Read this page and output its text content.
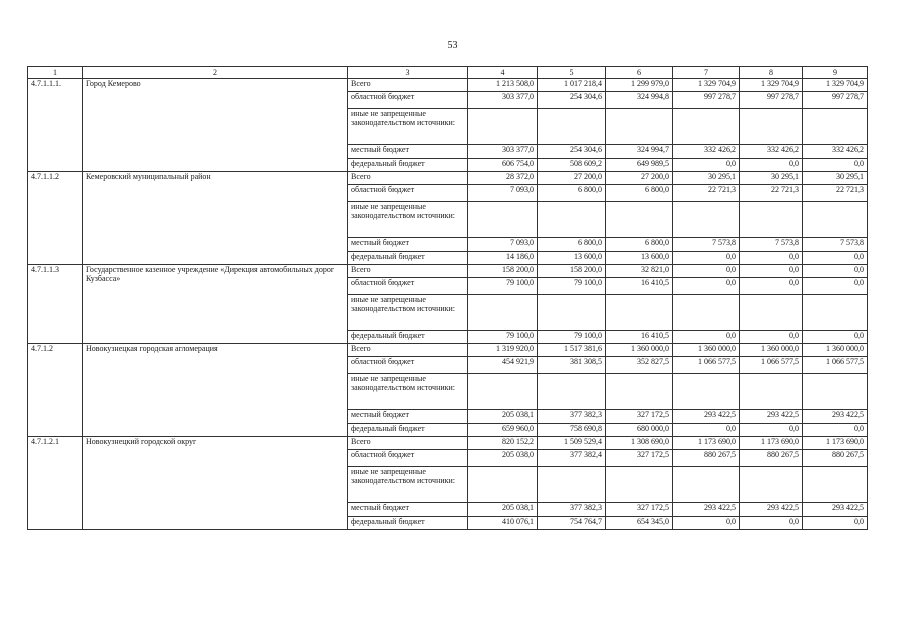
53
1	2	3	4	5	6	7	8	9
4.7.1.1.1.	Город Кемерово	Всего	1 213 508,0	1 017 218,4	1 299 979,0	1 329 704,9	1 329 704,9	1 329 704,9
		областной бюджет	303 377,0	254 304,6	324 994,8	997 278,7	997 278,7	997 278,7
		иные не запрещенные законодательством источники:						
		местный бюджет	303 377,0	254 304,6	324 994,7	332 426,2	332 426,2	332 426,2
		федеральный бюджет	606 754,0	508 609,2	649 989,5	0,0	0,0	0,0
4.7.1.1.2	Кемеровский муниципальный район	Всего	28 372,0	27 200,0	27 200,0	30 295,1	30 295,1	30 295,1
		областной бюджет	7 093,0	6 800,0	6 800,0	22 721,3	22 721,3	22 721,3
		иные не запрещенные законодательством источники:						
		местный бюджет	7 093,0	6 800,0	6 800,0	7 573,8	7 573,8	7 573,8
		федеральный бюджет	14 186,0	13 600,0	13 600,0	0,0	0,0	0,0
4.7.1.1.3	Государственное казенное учреждение «Дирекция автомобильных дорог Кузбасса»	Всего	158 200,0	158 200,0	32 821,0	0,0	0,0	0,0
		областной бюджет	79 100,0	79 100,0	16 410,5	0,0	0,0	0,0
		иные не запрещенные законодательством источники:						
		федеральный бюджет	79 100,0	79 100,0	16 410,5	0,0	0,0	0,0
4.7.1.2	Новокузнецкая городская агломерация	Всего	1 319 920,0	1 517 381,6	1 360 000,0	1 360 000,0	1 360 000,0	1 360 000,0
		областной бюджет	454 921,9	381 308,5	352 827,5	1 066 577,5	1 066 577,5	1 066 577,5
		иные не запрещенные законодательством источники:						
		местный бюджет	205 038,1	377 382,3	327 172,5	293 422,5	293 422,5	293 422,5
		федеральный бюджет	659 960,0	758 690,8	680 000,0	0,0	0,0	0,0
4.7.1.2.1	Новокузнецкий городской округ	Всего	820 152,2	1 509 529,4	1 308 690,0	1 173 690,0	1 173 690,0	1 173 690,0
		областной бюджет	205 038,0	377 382,4	327 172,5	880 267,5	880 267,5	880 267,5
		иные не запрещенные законодательством источники:						
		местный бюджет	205 038,1	377 382,3	327 172,5	293 422,5	293 422,5	293 422,5
		федеральный бюджет	410 076,1	754 764,7	654 345,0	0,0	0,0	0,0
